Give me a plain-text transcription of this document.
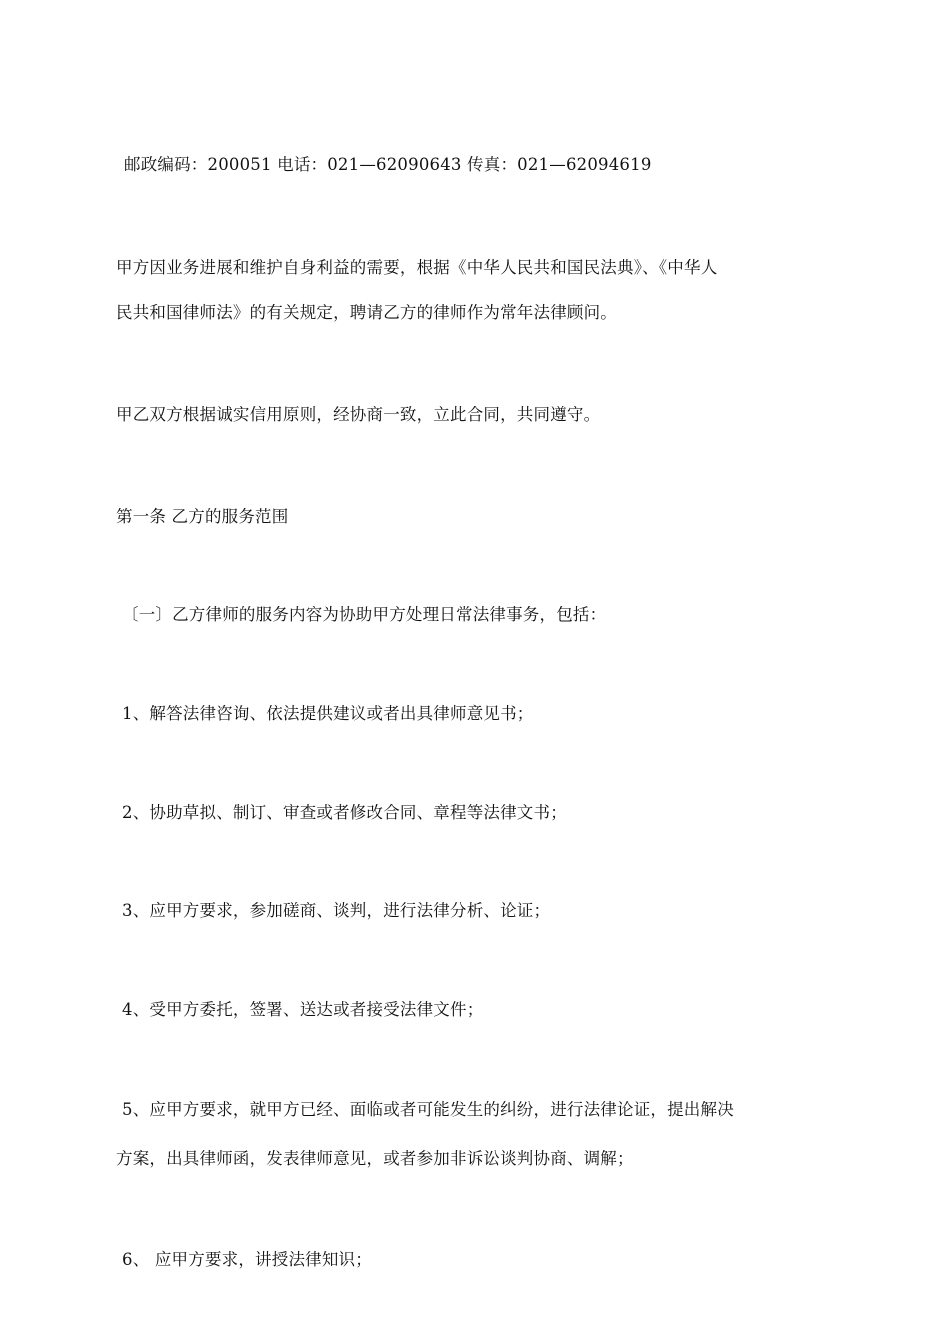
邮政编码：200051 电话：021—62090643 传真：021—62094619
甲方因业务进展和维护自身利益的需要，根据《中华人民共和国民法典》、《中华人
民共和国律师法》的有关规定，聘请乙方的律师作为常年法律顾问。
甲乙双方根据诚实信用原则，经协商一致，立此合同，共同遵守。
第一条 乙方的服务范围
〔一〕乙方律师的服务内容为协助甲方处理日常法律事务，包括：
1、解答法律咨询、依法提供建议或者出具律师意见书；
2、协助草拟、制订、审查或者修改合同、章程等法律文书；
3、应甲方要求，参加磋商、谈判，进行法律分析、论证；
4、受甲方委托，签署、送达或者接受法律文件；
5、应甲方要求，就甲方已经、面临或者可能发生的纠纷，进行法律论证，提出解决
方案，出具律师函，发表律师意见，或者参加非诉讼谈判协商、调解；
6、 应甲方要求，讲授法律知识；
